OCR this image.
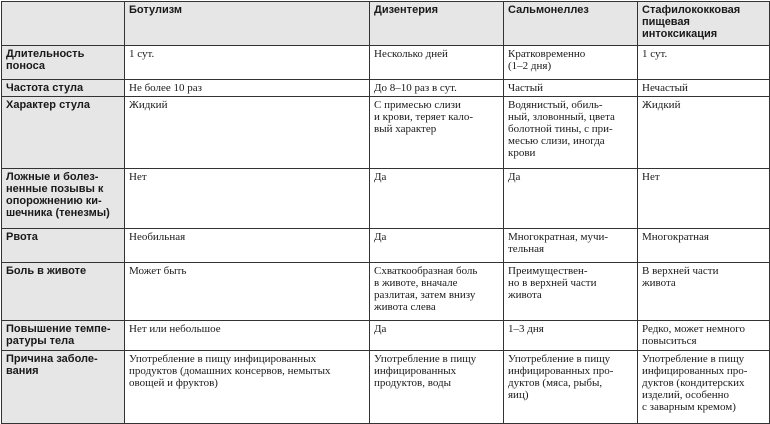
	Ботулизм	Дизентерия	Сальмонеллез	Стафилококковая
пищевая
интоксикация
Длительность
поноса	1 сут.	Несколько дней	Кратковременно
(1–2 дня)	1 сут.
Частота стула	Не более 10 раз	До 8–10 раз в сут.	Частый	Нечастый
Характер стула	Жидкий	С примесью слизи
и крови, теряет кало-
вый характер	Водянистый, обиль-
ный, зловонный, цвета
болотной тины, с при-
месью слизи, иногда
крови	Жидкий
Ложные и болез-
ненные позывы к
опорожнению ки-
шечника (тенезмы)	Нет	Да	Да	Нет
Рвота	Необильная	Да	Многократная, мучи-
тельная	Многократная
Боль в животе	Может быть	Схваткообразная боль
в животе, вначале
разлитая, затем внизу
живота слева	Преимуществен-
но в верхней части
живота	В верхней части
живота
Повышение темпе-
ратуры тела	Нет или небольшое	Да	1–3 дня	Редко, может немного
повыситься
Причина заболе-
вания	Употребление в пищу инфицированных
продуктов (домашних консервов, немытых
овощей и фруктов)	Употребление в пищу
инфицированных
продуктов, воды	Употребление в пищу
инфицированных про-
дуктов (мяса, рыбы,
яиц)	Употребление в пищу
инфицированных про-
дуктов (кондитерских
изделий, особенно
с заварным кремом)
